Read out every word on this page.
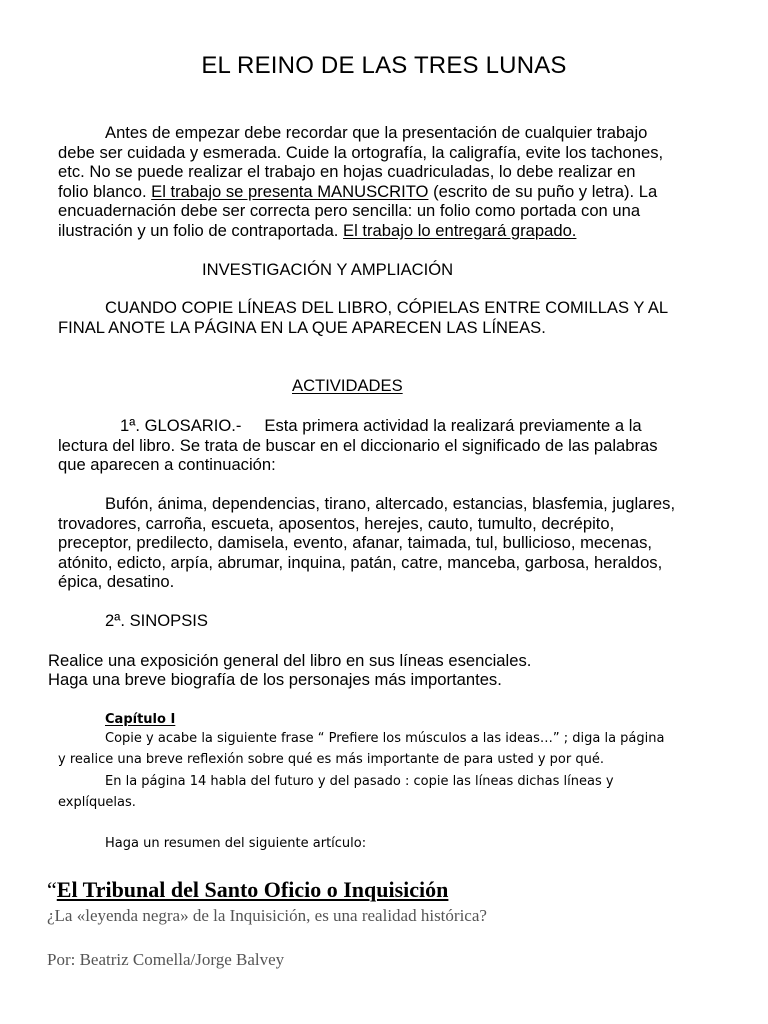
EL REINO DE LAS TRES LUNAS
Antes de empezar debe recordar que la presentación de cualquier trabajo
debe ser cuidada y esmerada. Cuide la ortografía, la caligrafía, evite los tachones,
etc. No se puede realizar el trabajo en hojas cuadriculadas, lo debe realizar en
folio blanco. El trabajo se presenta MANUSCRITO (escrito de su puño y letra). La
encuadernación debe ser correcta pero sencilla: un folio como portada con una
ilustración y un folio de contraportada. El trabajo lo entregará grapado.
INVESTIGACIÓN Y AMPLIACIÓN
CUANDO COPIE LÍNEAS DEL LIBRO, CÓPIELAS ENTRE COMILLAS Y AL
FINAL ANOTE LA PÁGINA EN LA QUE APARECEN LAS LÍNEAS.
ACTIVIDADES
1ª. GLOSARIO.- Esta primera actividad la realizará previamente a la
lectura del libro. Se trata de buscar en el diccionario el significado de las palabras
que aparecen a continuación:
Bufón, ánima, dependencias, tirano, altercado, estancias, blasfemia, juglares,
trovadores, carroña, escueta, aposentos, herejes, cauto, tumulto, decrépito,
preceptor, predilecto, damisela, evento, afanar, taimada, tul, bullicioso, mecenas,
atónito, edicto, arpía, abrumar, inquina, patán, catre, manceba, garbosa, heraldos,
épica, desatino.
2ª. SINOPSIS
Realice una exposición general del libro en sus líneas esenciales.
Haga una breve biografía de los personajes más importantes.
Capítulo I
Copie y acabe la siguiente frase “ Prefiere los músculos a las ideas…” ; diga la página
y realice una breve reflexión sobre qué es más importante de para usted y por qué.
En la página 14 habla del futuro y del pasado : copie las líneas dichas líneas y
explíquelas.
Haga un resumen del siguiente artículo:
“El Tribunal del Santo Oficio o Inquisición
¿La «leyenda negra» de la Inquisición, es una realidad histórica?
Por: Beatriz Comella/Jorge Balvey
